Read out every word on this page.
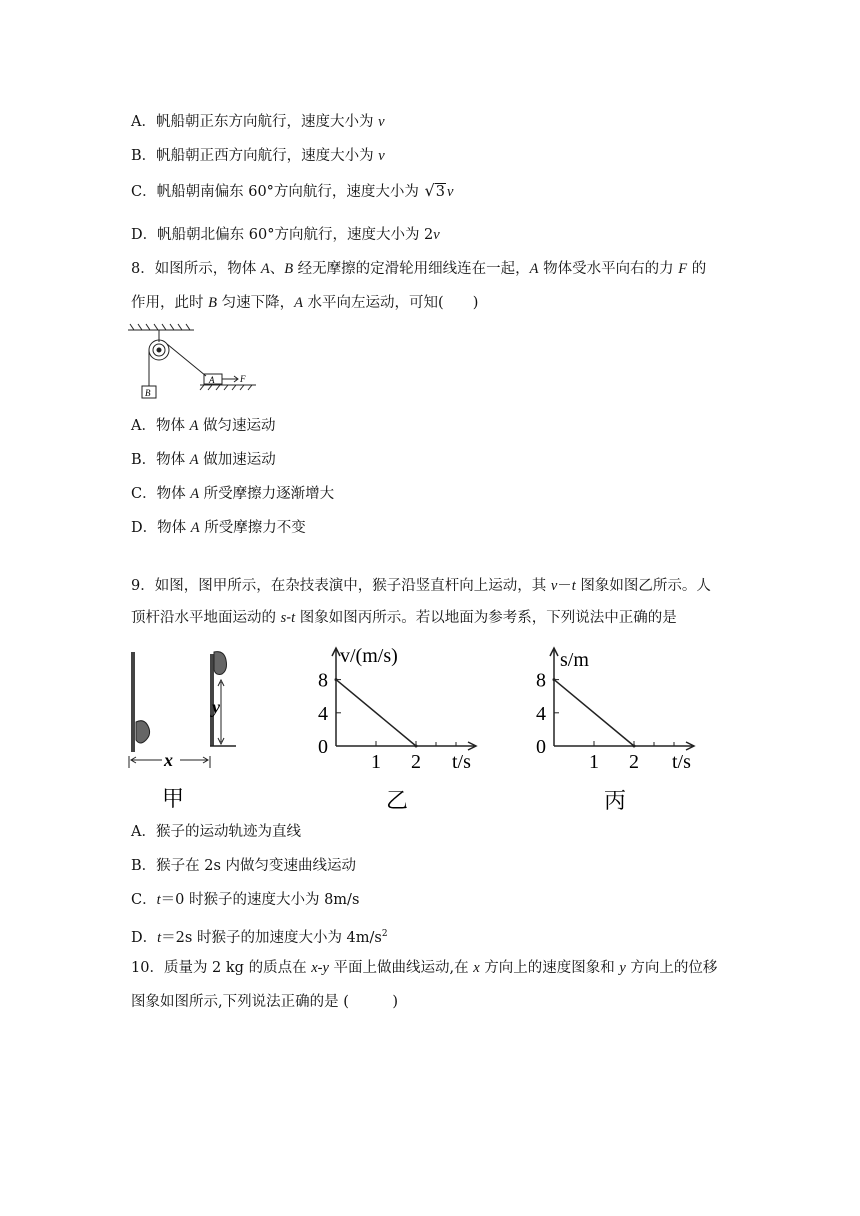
A．帆船朝正东方向航行，速度大小为 v
B．帆船朝正西方向航行，速度大小为 v
C．帆船朝南偏东 60°方向航行，速度大小为 √3 v
D．帆船朝北偏东 60°方向航行，速度大小为 2v
8．如图所示，物体 A、B 经无摩擦的定滑轮用细线连在一起，A 物体受水平向右的力 F 的
作用，此时 B 匀速下降，A 水平向左运动，可知(　　)
B
A	F
A．物体 A 做匀速运动
B．物体 A 做加速运动
C．物体 A 所受摩擦力逐渐增大
D．物体 A 所受摩擦力不变
9．如图，图甲所示，在杂技表演中，猴子沿竖直杆向上运动，其 v－t 图象如图乙所示。人
顶杆沿水平地面运动的 s-t 图象如图丙所示。若以地面为参考系，下列说法中正确的是
y
x
甲
0
4
8
1 2
v/(m/s)
t/s
乙
0
4
8
1 2
s/m
t/s
丙
A．猴子的运动轨迹为直线
B．猴子在 2s 内做匀变速曲线运动
C．t＝0 时猴子的速度大小为 8m/s
D．t＝2s 时猴子的加速度大小为 $4m/s^2$
10．质量为 2 kg 的质点在 x-y 平面上做曲线运动,在 x 方向上的速度图象和 y 方向上的位移
图象如图所示,下列说法正确的是 (　　　)
